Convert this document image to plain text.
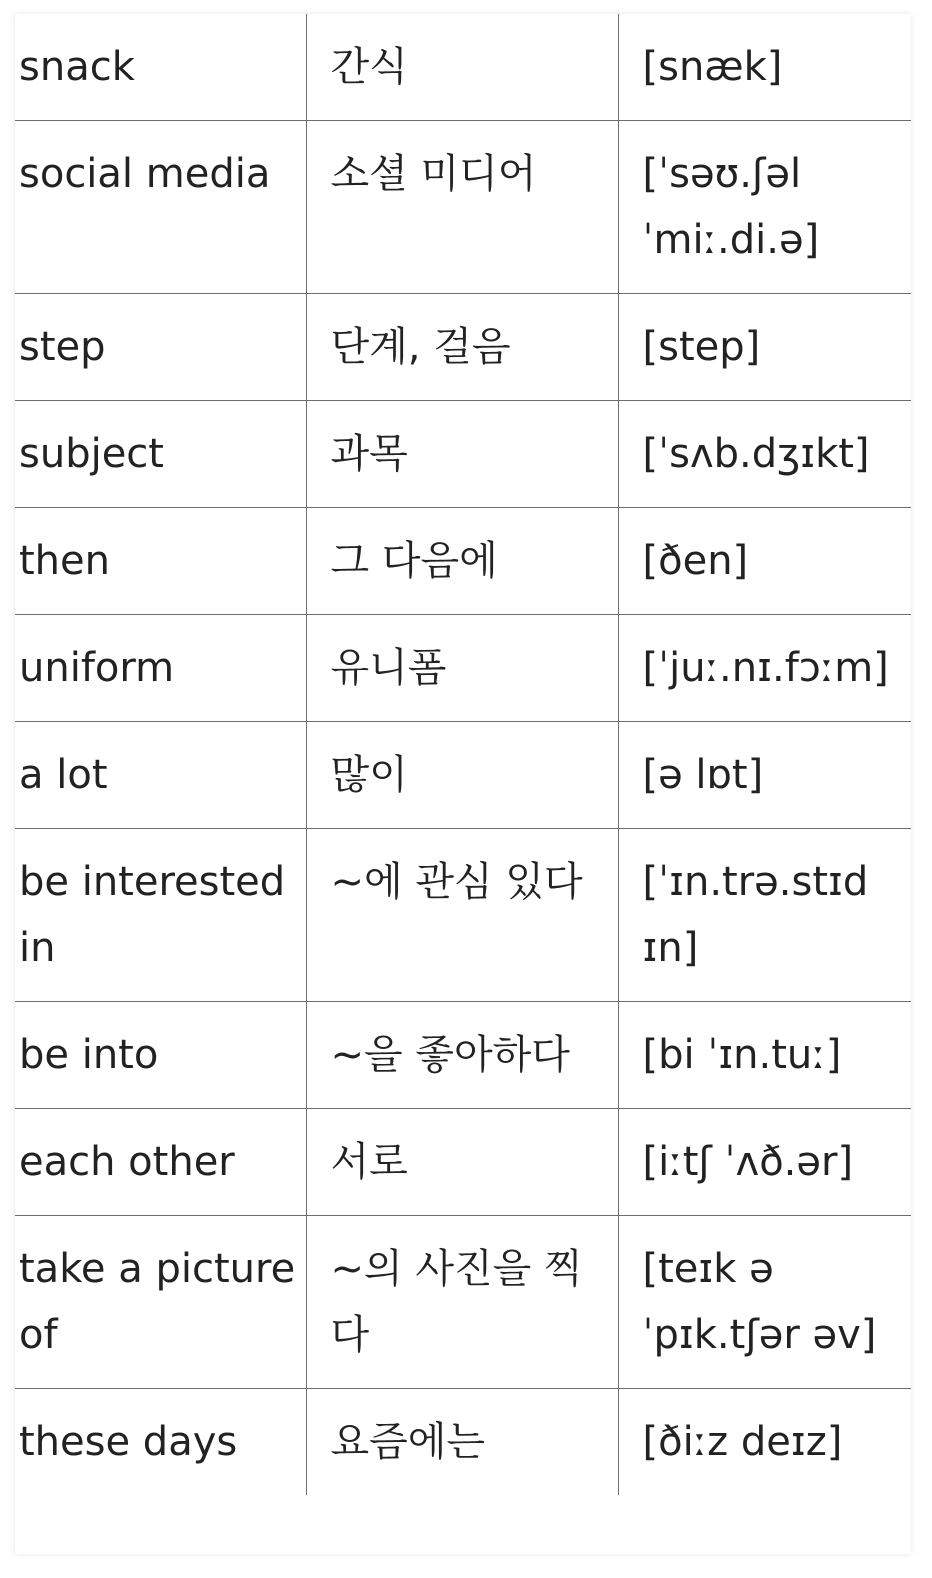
snack	간식	[snæk]
social media	소셜 미디어	[ˈsəʊ.ʃəl ˈmiː.di.ə]
step	단계, 걸음	[step]
subject	과목	[ˈsʌb.dʒɪkt]
then	그 다음에	[ðen]
uniform	유니폼	[ˈjuː.nɪ.fɔːm]
a lot	많이	[ə lɒt]
be interested in	~에 관심 있다	[ˈɪn.trə.stɪd ɪn]
be into	~을 좋아하다	[bi ˈɪn.tuː]
each other	서로	[iːtʃ ˈʌð.ər]
take a picture of	~의 사진을 찍다	[teɪk ə ˈpɪk.tʃər əv]
these days	요즘에는	[ðiːz deɪz]
